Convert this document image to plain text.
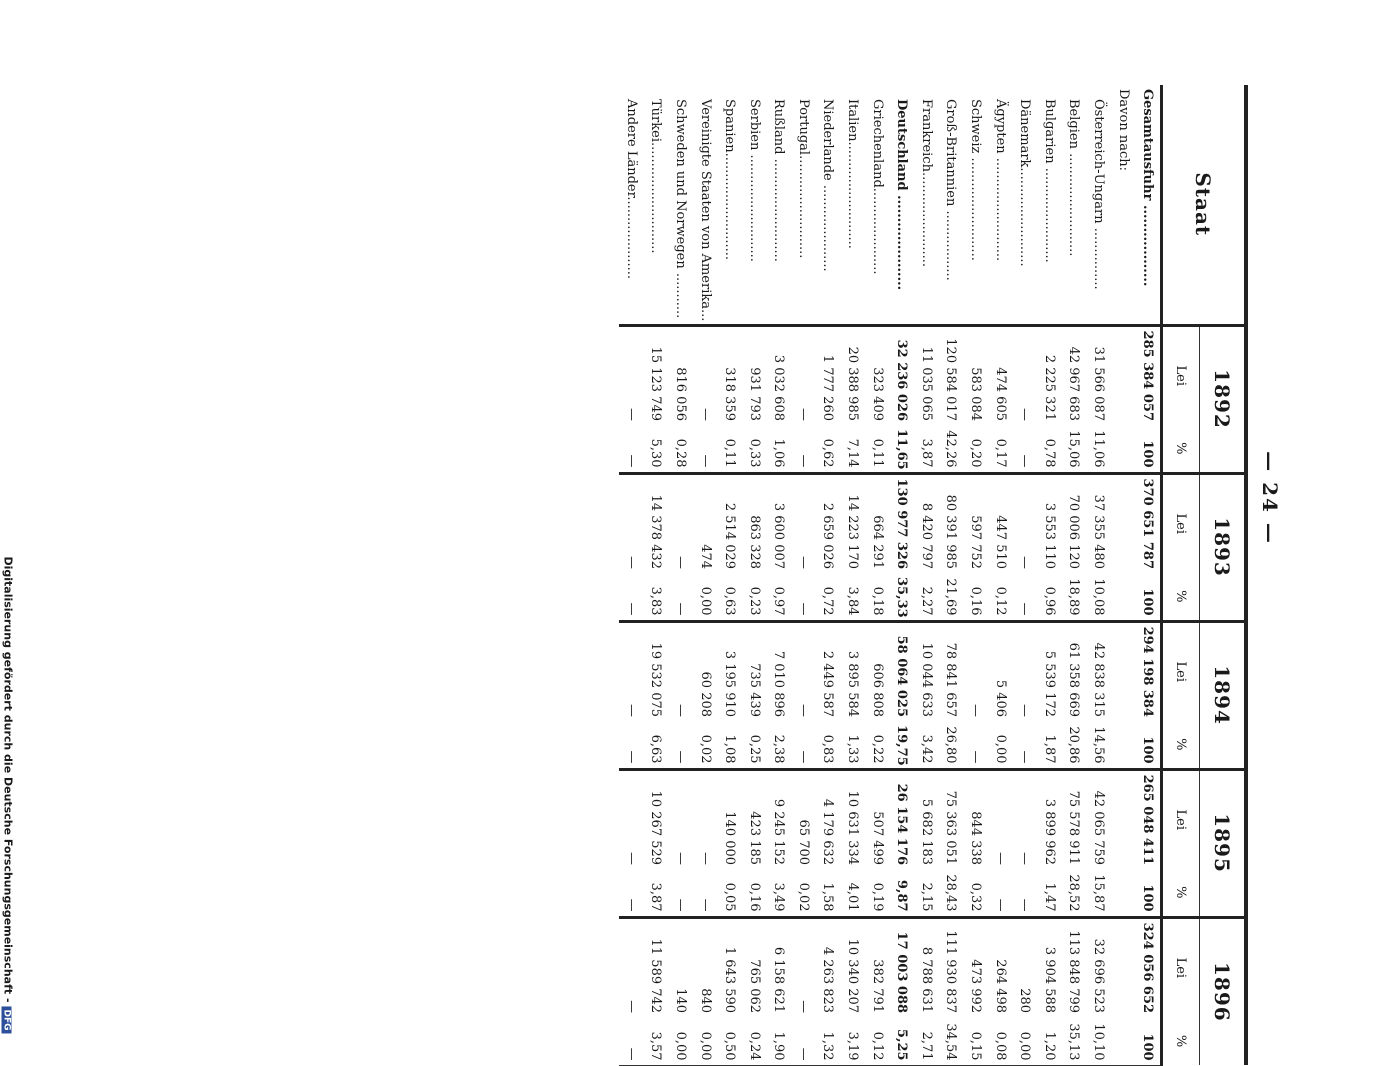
— 24 —
Digitalisierung gefördert durch die Deutsche Forschungsgemeinschaft -DFG
Staat	1892		1893		1894		1895		1896	
	Lei	%	Lei	%	Lei	%	Lei	%	Lei	%
Gesamtausfuhr ..................	285 384 057	100	370 651 787	100	294 198 384	100	265 048 411	100	324 056 652	100
Davon nach:										
Österreich-Ungarn ...............	31 566 087	11,06	37 355 480	10,08	42 838 315	14,56	42 065 759	15,87	32 696 523	10,10
Belgien .........................	42 967 683	15,06	70 006 120	18,89	61 358 669	20,86	75 578 911	28,52	113 848 799	35,13
Bulgarien .......................	2 225 321	0,78	3 553 110	0,96	5 539 172	1,87	3 899 962	1,47	3 904 588	1,20
Dänemark........................	—	—	—	—	—	—	—	—	280	0,00
Ägypten .........................	474 605	0,17	447 510	0,12	5 406	0,00	—	—	264 498	0,08
Schweiz .........................	583 084	0,20	597 752	0,16	—	—	844 338	0,32	473 992	0,15
Groß-Britannien .................	120 584 017	42,26	80 391 985	21,69	78 841 657	26,80	75 363 051	28,43	111 930 837	34,54
Frankreich.......................	11 035 065	3,87	8 420 797	2,27	10 044 633	3,42	5 682 183	2,15	8 788 631	2,71
Deutschland .....................	32 236 026	11,65	130 977 326	35,33	58 064 025	19,75	26 154 176	9,87	17 003 088	5,25
Griechenland.....................	323 409	0,11	664 291	0,18	606 808	0,22	507 499	0,19	382 791	0,12
Italien..........................	20 388 985	7,14	14 223 170	3,84	3 895 584	1,33	10 631 334	4,01	10 340 207	3,19
Niederlande .....................	1 777 260	0,62	2 659 026	0,72	2 449 587	0,83	4 179 632	1,58	4 263 823	1,32
Portugal.........................	—	—	—	—	—	—	65 700	0,02	—	—
Rußland .........................	3 032 608	1,06	3 600 007	0,97	7 010 896	2,38	9 245 152	3,49	6 158 621	1,90
Serbien ..........................	931 793	0,33	863 328	0,23	735 439	0,25	423 185	0,16	765 062	0,24
Spanien..........................	318 359	0,11	2 514 029	0,63	3 195 910	1,08	140 000	0,05	1 643 590	0,50
Vereinigte Staaten von Amerika...	—	—	474	0,00	60 208	0,02	—	—	840	0,00
Schweden und Norwegen ...........	816 056	0,28	—	—	—	—	—	—	140	0,00
Türkei...........................	15 123 749	5,30	14 378 432	3,83	19 532 075	6,63	10 267 529	3,87	11 589 742	3,57
Andere Länder....................	—	—	—	—	—	—	—	—	—	—
